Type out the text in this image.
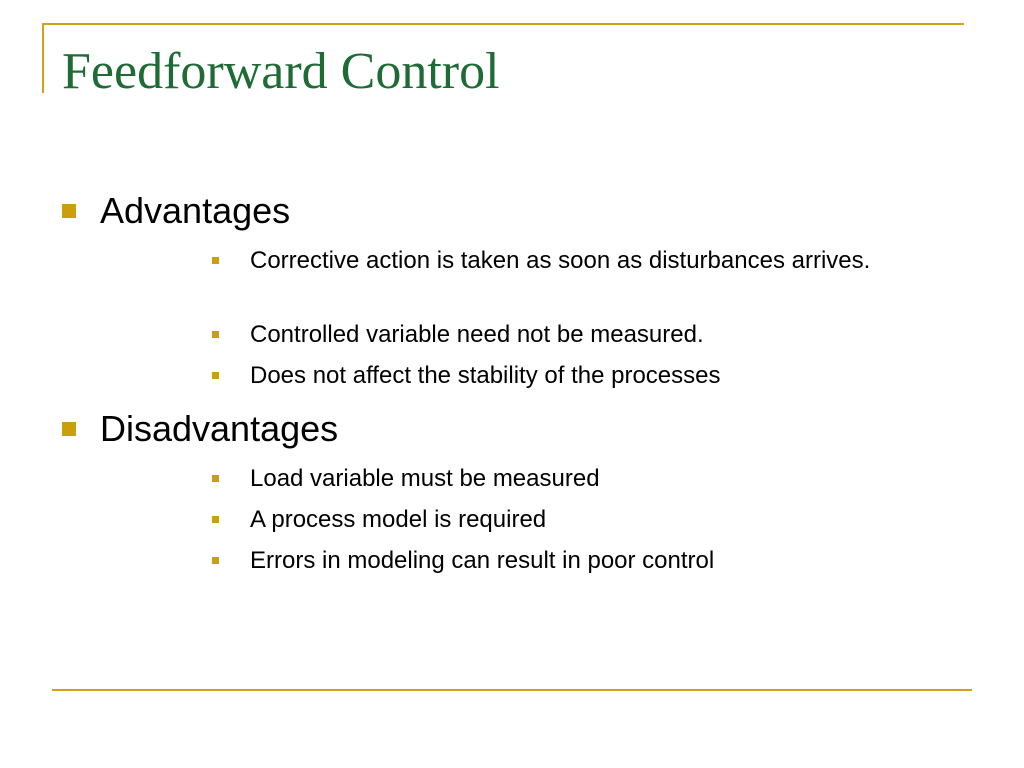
Feedforward Control
Advantages
Corrective action is taken as soon as disturbances arrives.
Controlled variable need not be measured.
Does not affect the stability of the processes
Disadvantages
Load variable must be measured
A process model is required
Errors in modeling can result in poor control
